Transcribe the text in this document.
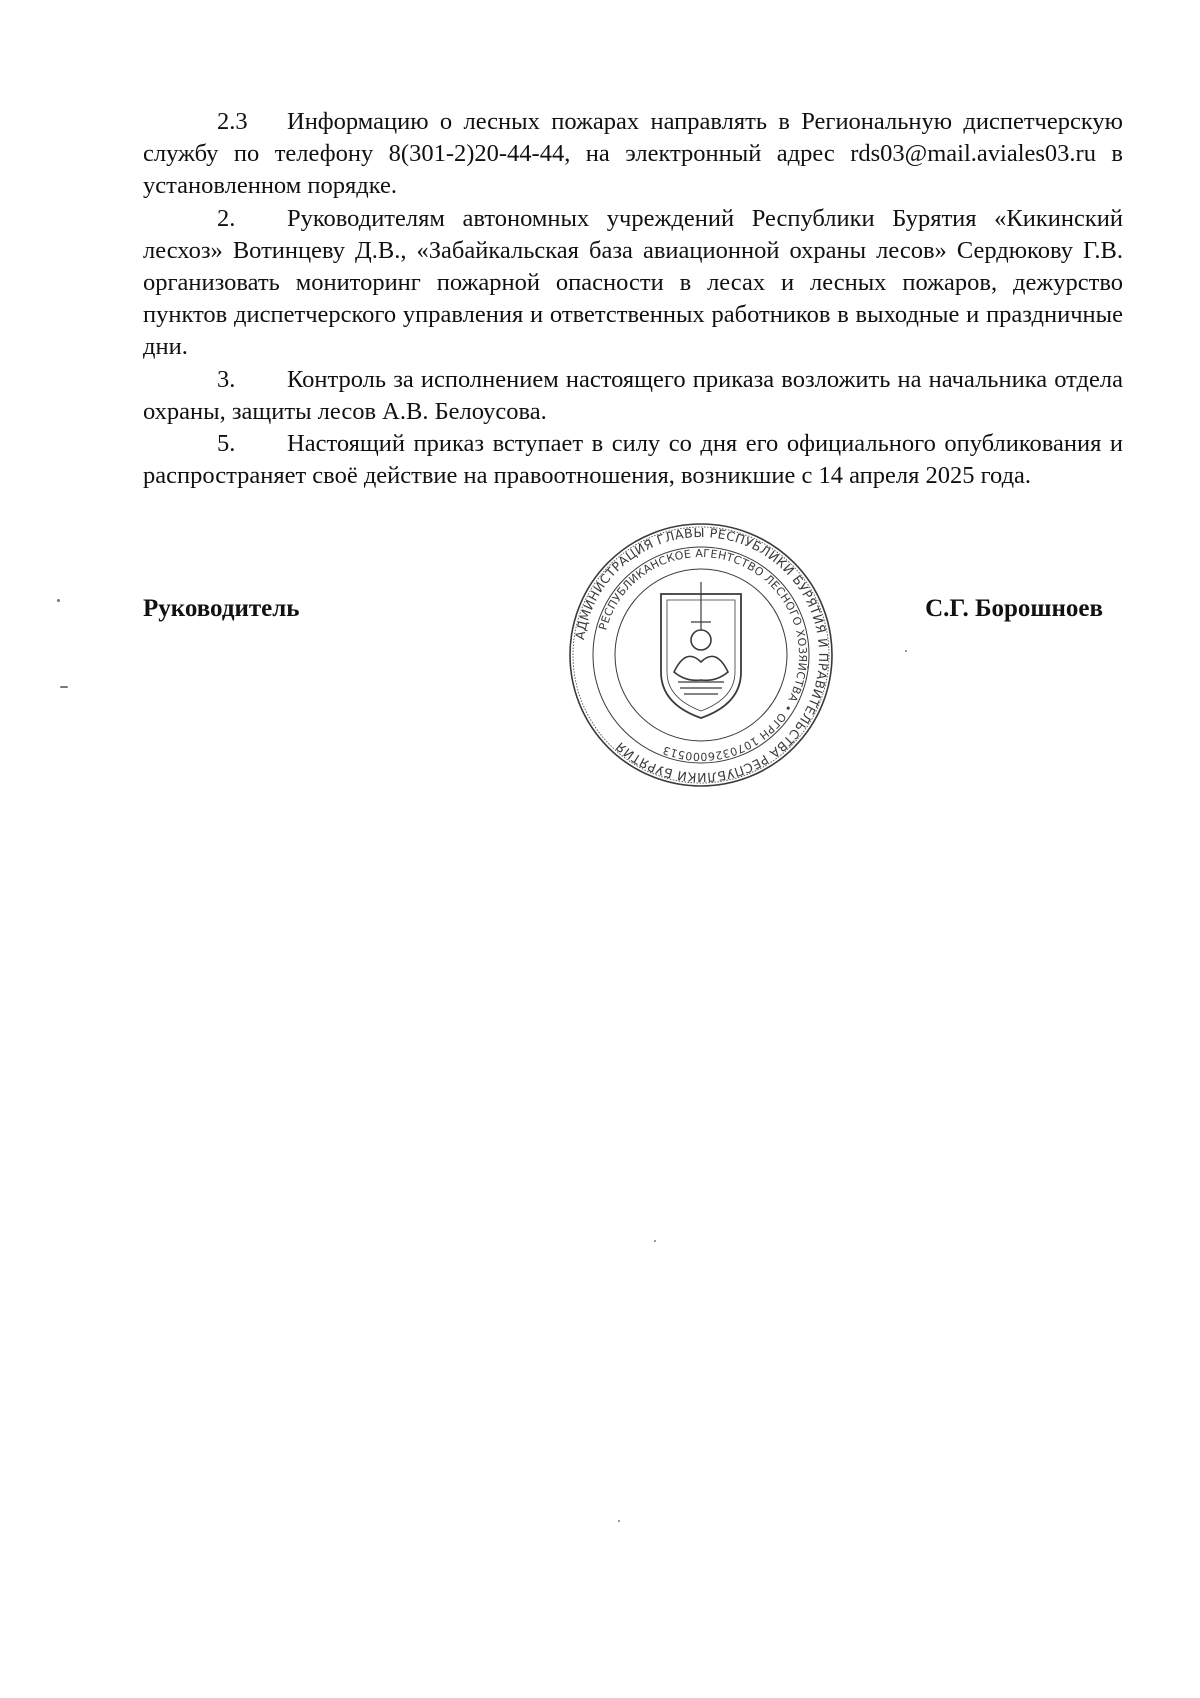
2.3 Информацию о лесных пожарах направлять в Региональную диспетчерскую службу по телефону 8(301-2)20-44-44, на электронный адрес rds03@mail.aviales03.ru в установленном порядке.

2. Руководителям автономных учреждений Республики Бурятия «Кикинский лесхоз» Вотинцеву Д.В., «Забайкальская база авиационной охраны лесов» Сердюкову Г.В. организовать мониторинг пожарной опасности в лесах и лесных пожаров, дежурство пунктов диспетчерского управления и ответственных работников в выходные и праздничные дни.

3. Контроль за исполнением настоящего приказа возложить на начальника отдела охраны, защиты лесов А.В. Белоусова.

5. Настоящий приказ вступает в силу со дня его официального опубликования и распространяет своё действие на правоотношения, возникшие с 14 апреля 2025 года.

Руководитель	С.Г. Борошноев
АДМИНИСТРАЦИЯ ГЛАВЫ РЕСПУБЛИКИ БУРЯТИЯ И ПРАВИТЕЛЬСТВА РЕСПУБЛИКИ БУРЯТИЯ
РЕСПУБЛИКАНСКОЕ АГЕНТСТВО ЛЕСНОГО ХОЗЯЙСТВА • ОГРН 1070326000513
